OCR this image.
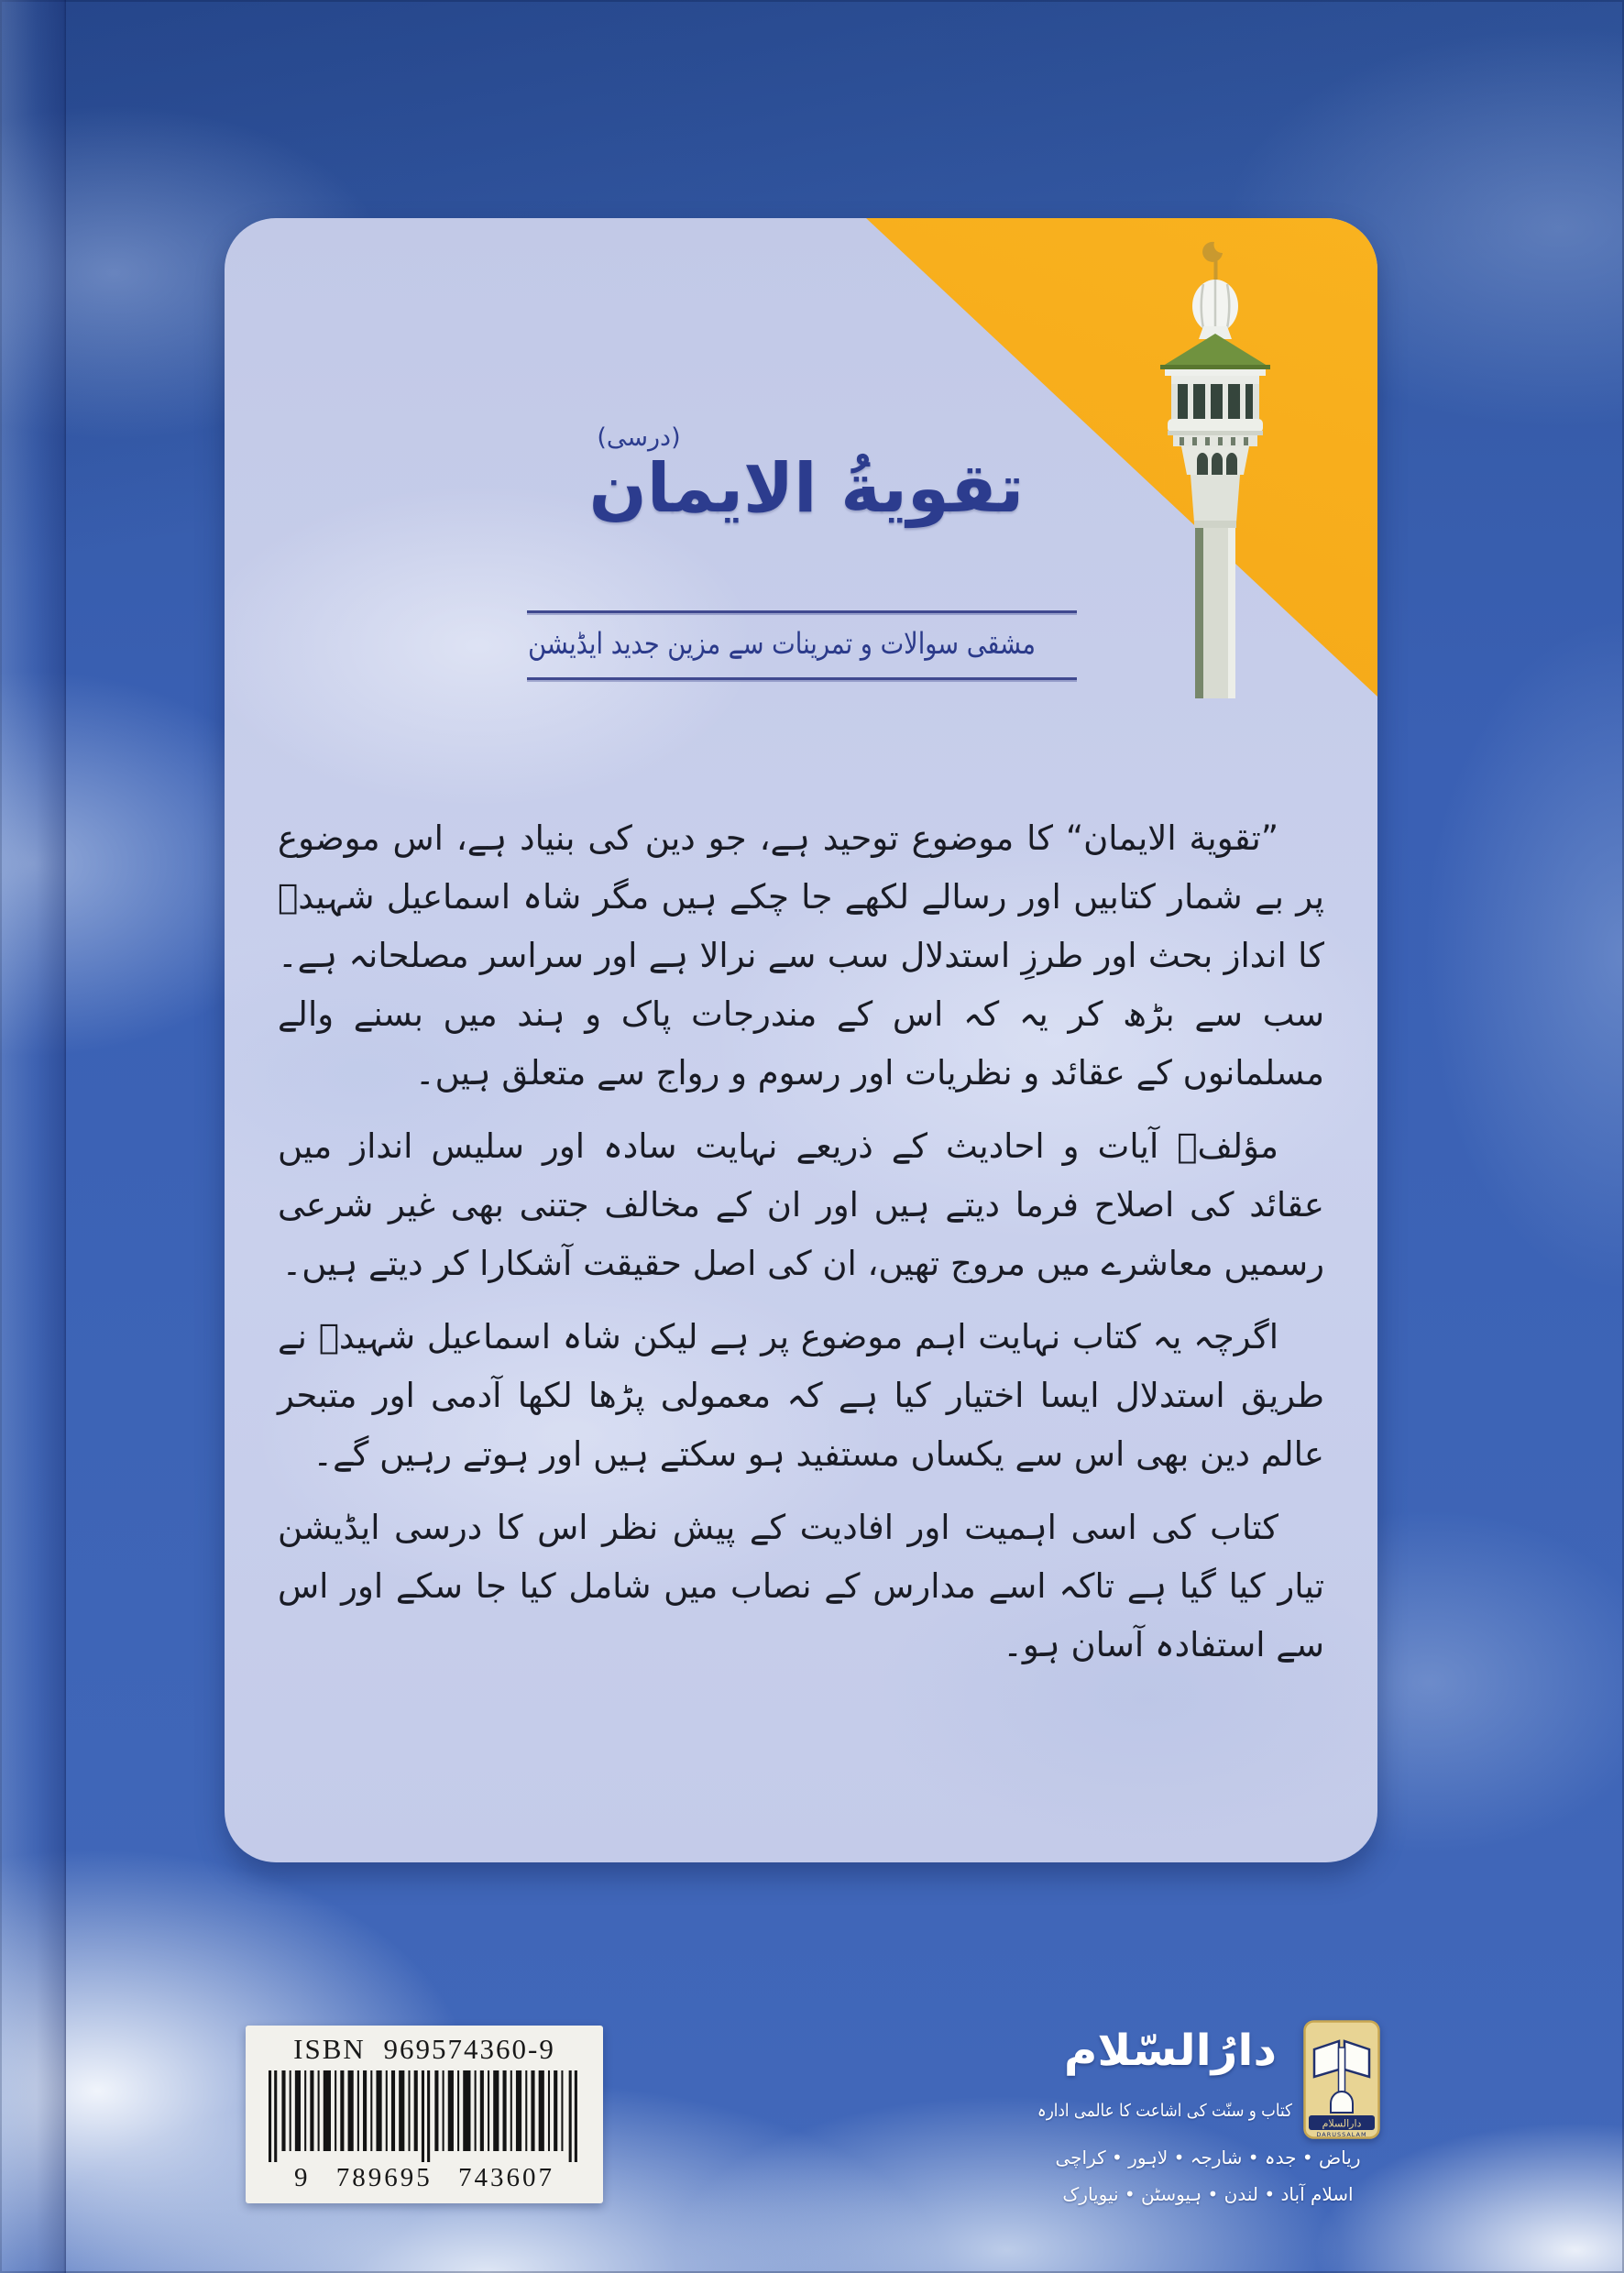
(درسی)
تقویةُ الایمان
مشقی سوالات و تمرینات سے مزین جدید ایڈیشن

”تقویة الایمان“ کا موضوع توحید ہے، جو دین کی بنیاد ہے، اس موضوع پر بے شمار کتابیں اور رسالے لکھے جا چکے ہیں مگر شاہ اسماعیل شہیدؒ کا انداز بحث اور طرزِ استدلال سب سے نرالا ہے اور سراسر مصلحانہ ہے۔ سب سے بڑھ کر یہ کہ اس کے مندرجات پاک و ہند میں بسنے والے مسلمانوں کے عقائد و نظریات اور رسوم و رواج سے متعلق ہیں۔

مؤلفؒ آیات و احادیث کے ذریعے نہایت سادہ اور سلیس انداز میں عقائد کی اصلاح فرما دیتے ہیں اور ان کے مخالف جتنی بھی غیر شرعی رسمیں معاشرے میں مروج تھیں، ان کی اصل حقیقت آشکارا کر دیتے ہیں۔

اگرچہ یہ کتاب نہایت اہم موضوع پر ہے لیکن شاہ اسماعیل شہیدؒ نے طریق استدلال ایسا اختیار کیا ہے کہ معمولی پڑھا لکھا آدمی اور متبحر عالم دین بھی اس سے یکساں مستفید ہو سکتے ہیں اور ہوتے رہیں گے۔

کتاب کی اسی اہمیت اور افادیت کے پیش نظر اس کا درسی ایڈیشن تیار کیا گیا ہے تاکہ اسے مدارس کے نصاب میں شامل کیا جا سکے اور اس سے استفادہ آسان ہو۔

ISBN 969574360-9
9 789695 743607
دارُالسّلام
کتاب و سنّت کی اشاعت کا عالمی ادارہ
دارالسلام
DARUSSALAM
ریاض • جدہ • شارجہ • لاہور • کراچی
اسلام آباد • لندن • ہیوسٹن • نیویارک
